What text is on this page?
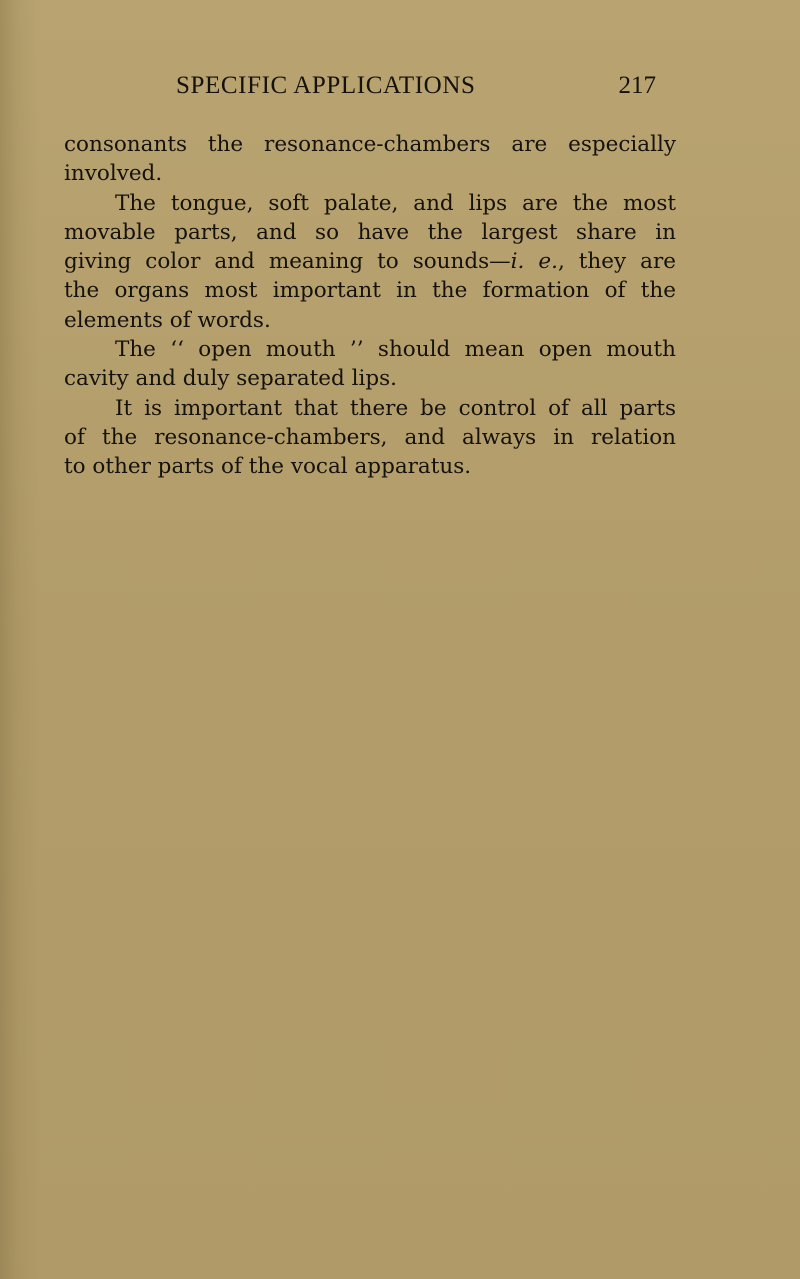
SPECIFIC APPLICATIONS	217
consonants the resonance-chambers are especially
involved.
The tongue, soft palate, and lips are the most
movable parts, and so have the largest share in
giving color and meaning to sounds—i. e., they are
the organs most important in the formation of the
elements of words.
The ‘‘ open mouth ’’ should mean open mouth
cavity and duly separated lips.
It is important that there be control of all parts
of the resonance-chambers, and always in relation
to other parts of the vocal apparatus.
